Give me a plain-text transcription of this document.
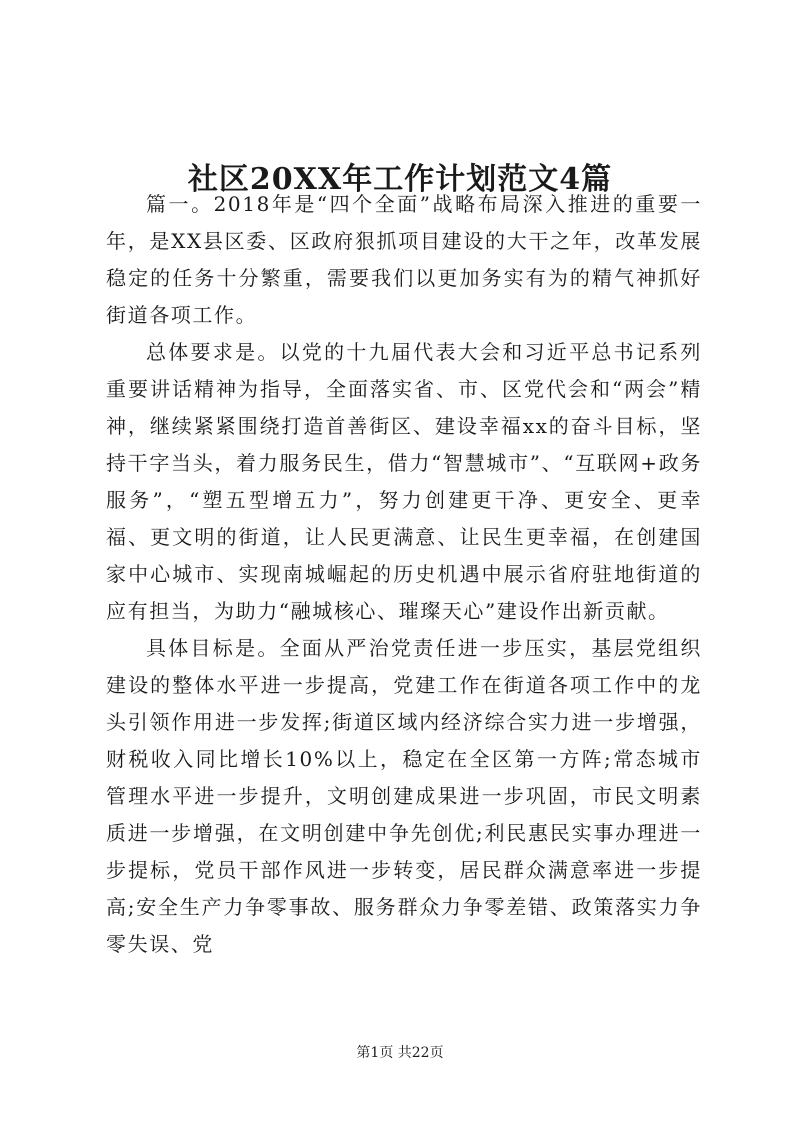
社区20XX年工作计划范文4篇

篇一。2018年是“四个全面”战略布局深入推进的重要一年，是XX县区委、区政府狠抓项目建设的大干之年，改革发展稳定的任务十分繁重，需要我们以更加务实有为的精气神抓好街道各项工作。

总体要求是。以党的十九届代表大会和习近平总书记系列重要讲话精神为指导，全面落实省、市、区党代会和“两会”精神，继续紧紧围绕打造首善街区、建设幸福xx的奋斗目标，坚持干字当头，着力服务民生，借力“智慧城市”、“互联网+政务服务”，“塑五型增五力”，努力创建更干净、更安全、更幸福、更文明的街道，让人民更满意、让民生更幸福，在创建国家中心城市、实现南城崛起的历史机遇中展示省府驻地街道的应有担当，为助力“融城核心、璀璨天心”建设作出新贡献。

具体目标是。全面从严治党责任进一步压实，基层党组织建设的整体水平进一步提高，党建工作在街道各项工作中的龙头引领作用进一步发挥;街道区域内经济综合实力进一步增强，财税收入同比增长10%以上，稳定在全区第一方阵;常态城市管理水平进一步提升，文明创建成果进一步巩固，市民文明素质进一步增强，在文明创建中争先创优;利民惠民实事办理进一步提标，党员干部作风进一步转变，居民群众满意率进一步提高;安全生产力争零事故、服务群众力争零差错、政策落实力争零失误、党

第1页 共22页
